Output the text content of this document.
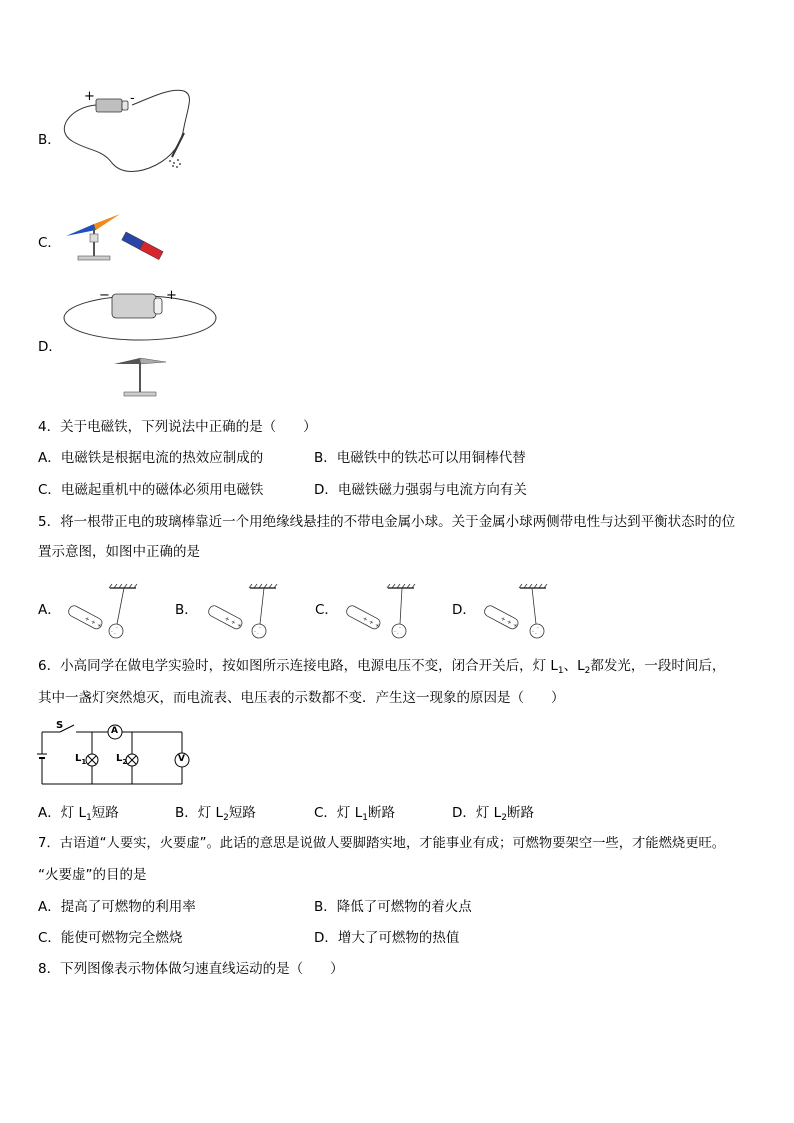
B．
+	-
C．
D．
−	+
4．关于电磁铁，下列说法中正确的是（　　）
A．电磁铁是根据电流的热效应制成的	B．电磁铁中的铁芯可以用铜棒代替
C．电磁起重机中的磁体必须用电磁铁	D．电磁铁磁力强弱与电流方向有关
5．将一根带正电的玻璃棒靠近一个用绝缘线悬挂的不带电金属小球。关于金属小球两侧带电性与达到平衡状态时的位
置示意图，如图中正确的是
A．
·
·
·
+ + +
B．
·
·
·
+ + +
C．
·
·
·
+ + +
D．
·
·
·
+ + +
6．小高同学在做电学实验时，按如图所示连接电路，电源电压不变，闭合开关后，灯 $L_1$、$L_2$都发光，一段时间后，
其中一盏灯突然熄灭，而电流表、电压表的示数都不变．产生这一现象的原因是（　　）
S	A
V
$L_1$	$L_2$
A．灯 $L_1$短路	B．灯 $L_2$短路	C．灯 $L_1$断路	D．灯 $L_2$断路
7．古语道“人要实，火要虚”。此话的意思是说做人要脚踏实地，才能事业有成；可燃物要架空一些，才能燃烧更旺。
“火要虚”的目的是
A．提高了可燃物的利用率	B．降低了可燃物的着火点
C．能使可燃物完全燃烧	D．增大了可燃物的热值
8．下列图像表示物体做匀速直线运动的是（　　）
